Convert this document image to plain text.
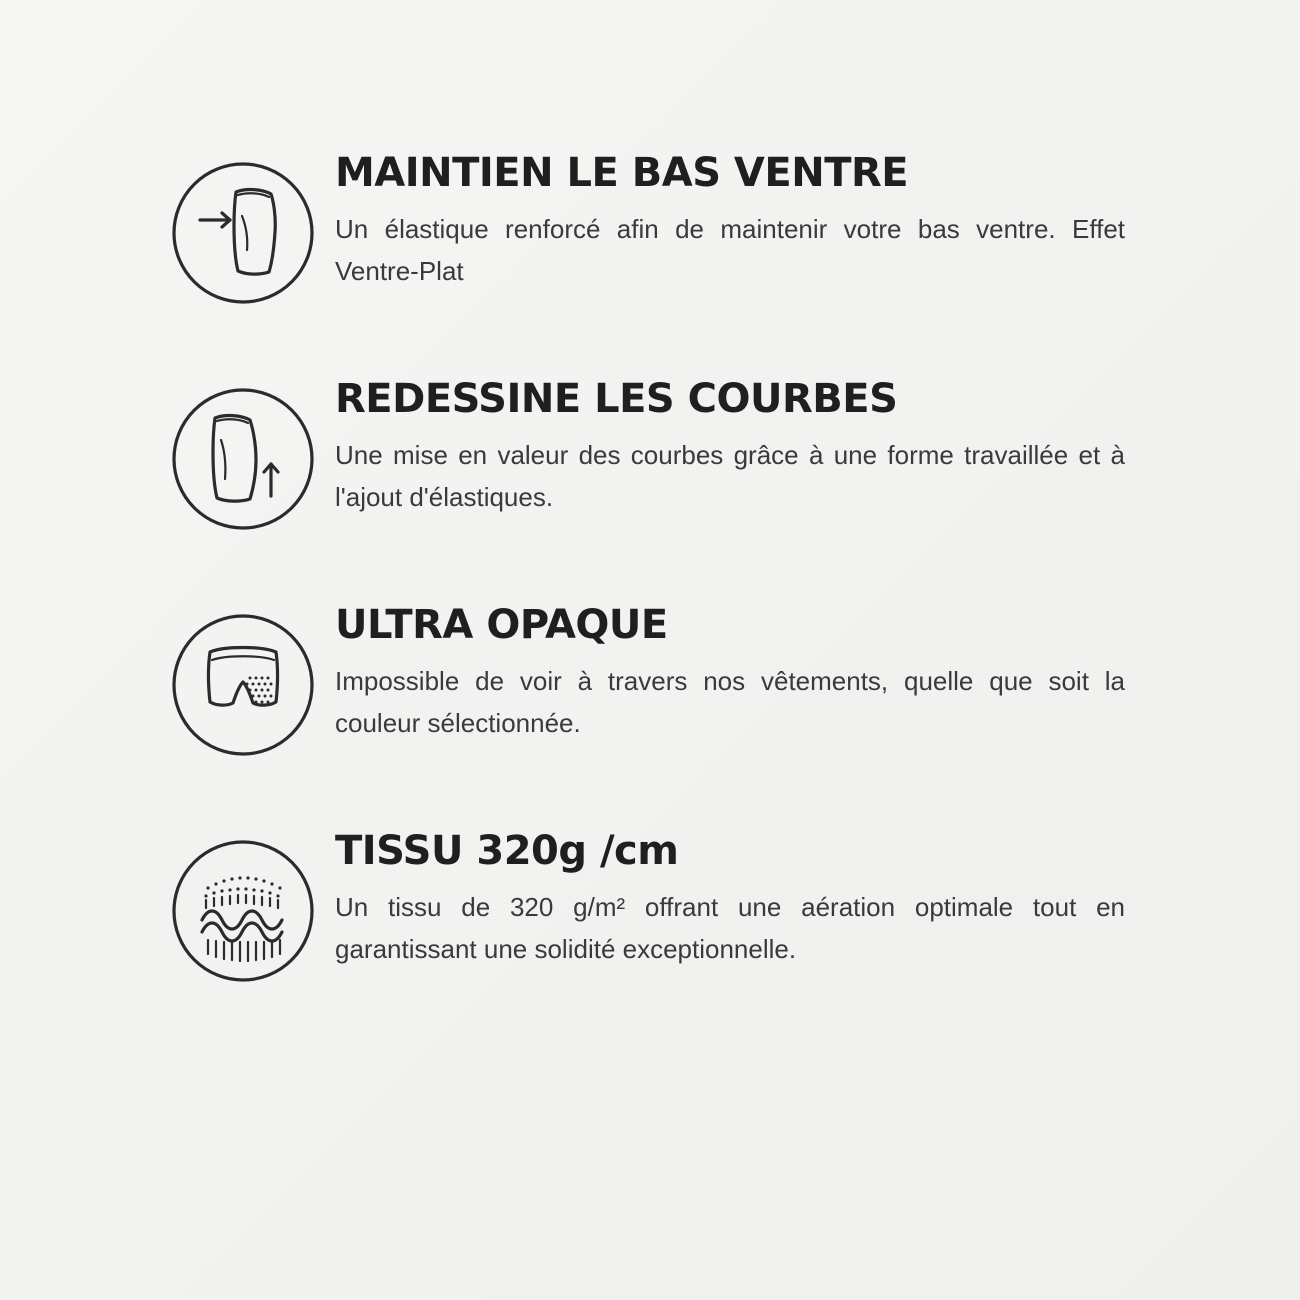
MAINTIEN LE BAS VENTRE

Un élastique renforcé afin de maintenir votre bas ventre. Effet Ventre-Plat

REDESSINE LES COURBES

Une mise en valeur des courbes grâce à une forme travaillée et à l'ajout d'élastiques.

ULTRA OPAQUE

Impossible de voir à travers nos vêtements, quelle que soit la couleur sélectionnée.

TISSU 320g /cm

Un tissu de 320 g/m² offrant une aération optimale tout en garantissant une solidité exceptionnelle.
